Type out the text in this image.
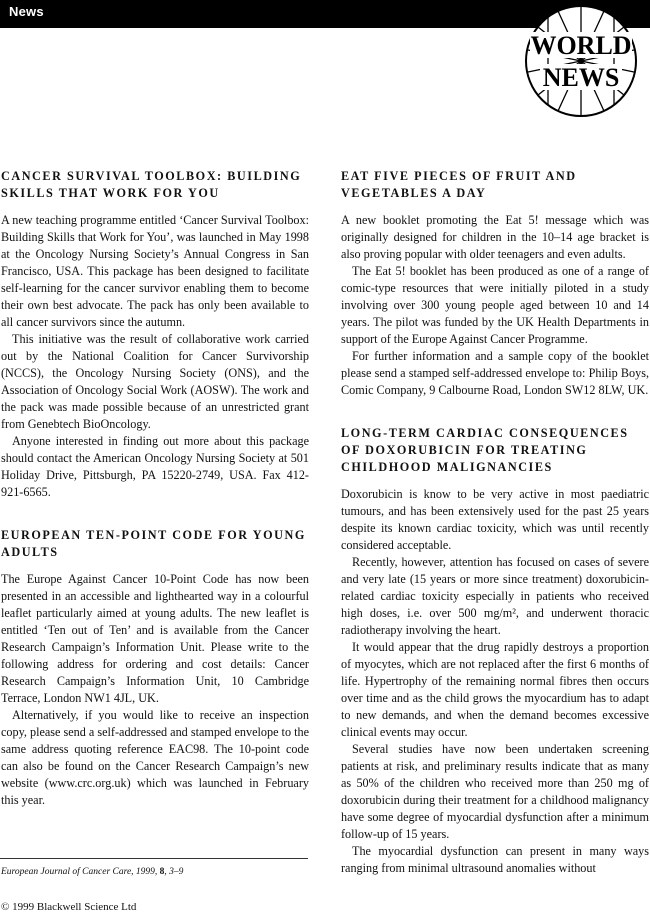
News
WORLD
NEWS
CANCER SURVIVAL TOOLBOX: BUILDING SKILLS THAT WORK FOR YOU

A new teaching programme entitled ‘Cancer Survival Toolbox: Building Skills that Work for You’, was launched in May 1998 at the Oncology Nursing Society’s Annual Congress in San Francisco, USA. This package has been designed to facilitate self-learning for the cancer survivor enabling them to become their own best advocate. The pack has only been available to all cancer survivors since the autumn.

This initiative was the result of collaborative work carried out by the National Coalition for Cancer Survivorship (NCCS), the Oncology Nursing Society (ONS), and the Association of Oncology Social Work (AOSW). The work and the pack was made possible because of an unrestricted grant from Genebtech BioOncology.

Anyone interested in finding out more about this package should contact the American Oncology Nursing Society at 501 Holiday Drive, Pittsburgh, PA 15220-2749, USA. Fax 412-921-6565.

EUROPEAN TEN-POINT CODE FOR YOUNG ADULTS

The Europe Against Cancer 10-Point Code has now been presented in an accessible and lighthearted way in a colourful leaflet particularly aimed at young adults. The new leaflet is entitled ‘Ten out of Ten’ and is available from the Cancer Research Campaign’s Information Unit. Please write to the following address for ordering and cost details: Cancer Research Campaign’s Information Unit, 10 Cambridge Terrace, London NW1 4JL, UK.

Alternatively, if you would like to receive an inspection copy, please send a self-addressed and stamped envelope to the same address quoting reference EAC98. The 10-point code can also be found on the Cancer Research Campaign’s new website (www.crc.org.uk) which was launched in February this year.

EAT FIVE PIECES OF FRUIT AND VEGETABLES A DAY

A new booklet promoting the Eat 5! message which was originally designed for children in the 10–14 age bracket is also proving popular with older teenagers and even adults.

The Eat 5! booklet has been produced as one of a range of comic-type resources that were initially piloted in a study involving over 300 young people aged between 10 and 14 years. The pilot was funded by the UK Health Departments in support of the Europe Against Cancer Programme.

For further information and a sample copy of the booklet please send a stamped self-addressed envelope to: Philip Boys, Comic Company, 9 Calbourne Road, London SW12 8LW, UK.

LONG-TERM CARDIAC CONSEQUENCES OF DOXORUBICIN FOR TREATING CHILDHOOD MALIGNANCIES

Doxorubicin is know to be very active in most paediatric tumours, and has been extensively used for the past 25 years despite its known cardiac toxicity, which was until recently considered acceptable.

Recently, however, attention has focused on cases of severe and very late (15 years or more since treatment) doxorubicin-related cardiac toxicity especially in patients who received high doses, i.e. over 500 mg/m², and underwent thoracic radiotherapy involving the heart.

It would appear that the drug rapidly destroys a proportion of myocytes, which are not replaced after the first 6 months of life. Hypertrophy of the remaining normal fibres then occurs over time and as the child grows the myocardium has to adapt to new demands, and when the demand becomes excessive clinical events may occur.

Several studies have now been undertaken screening patients at risk, and preliminary results indicate that as many as 50% of the children who received more than 250 mg of doxorubicin during their treatment for a childhood malignancy have some degree of myocardial dysfunction after a minimum follow-up of 15 years.

The myocardial dysfunction can present in many ways ranging from minimal ultrasound anomalies without

European Journal of Cancer Care, 1999, 8, 3–9
© 1999 Blackwell Science Ltd
